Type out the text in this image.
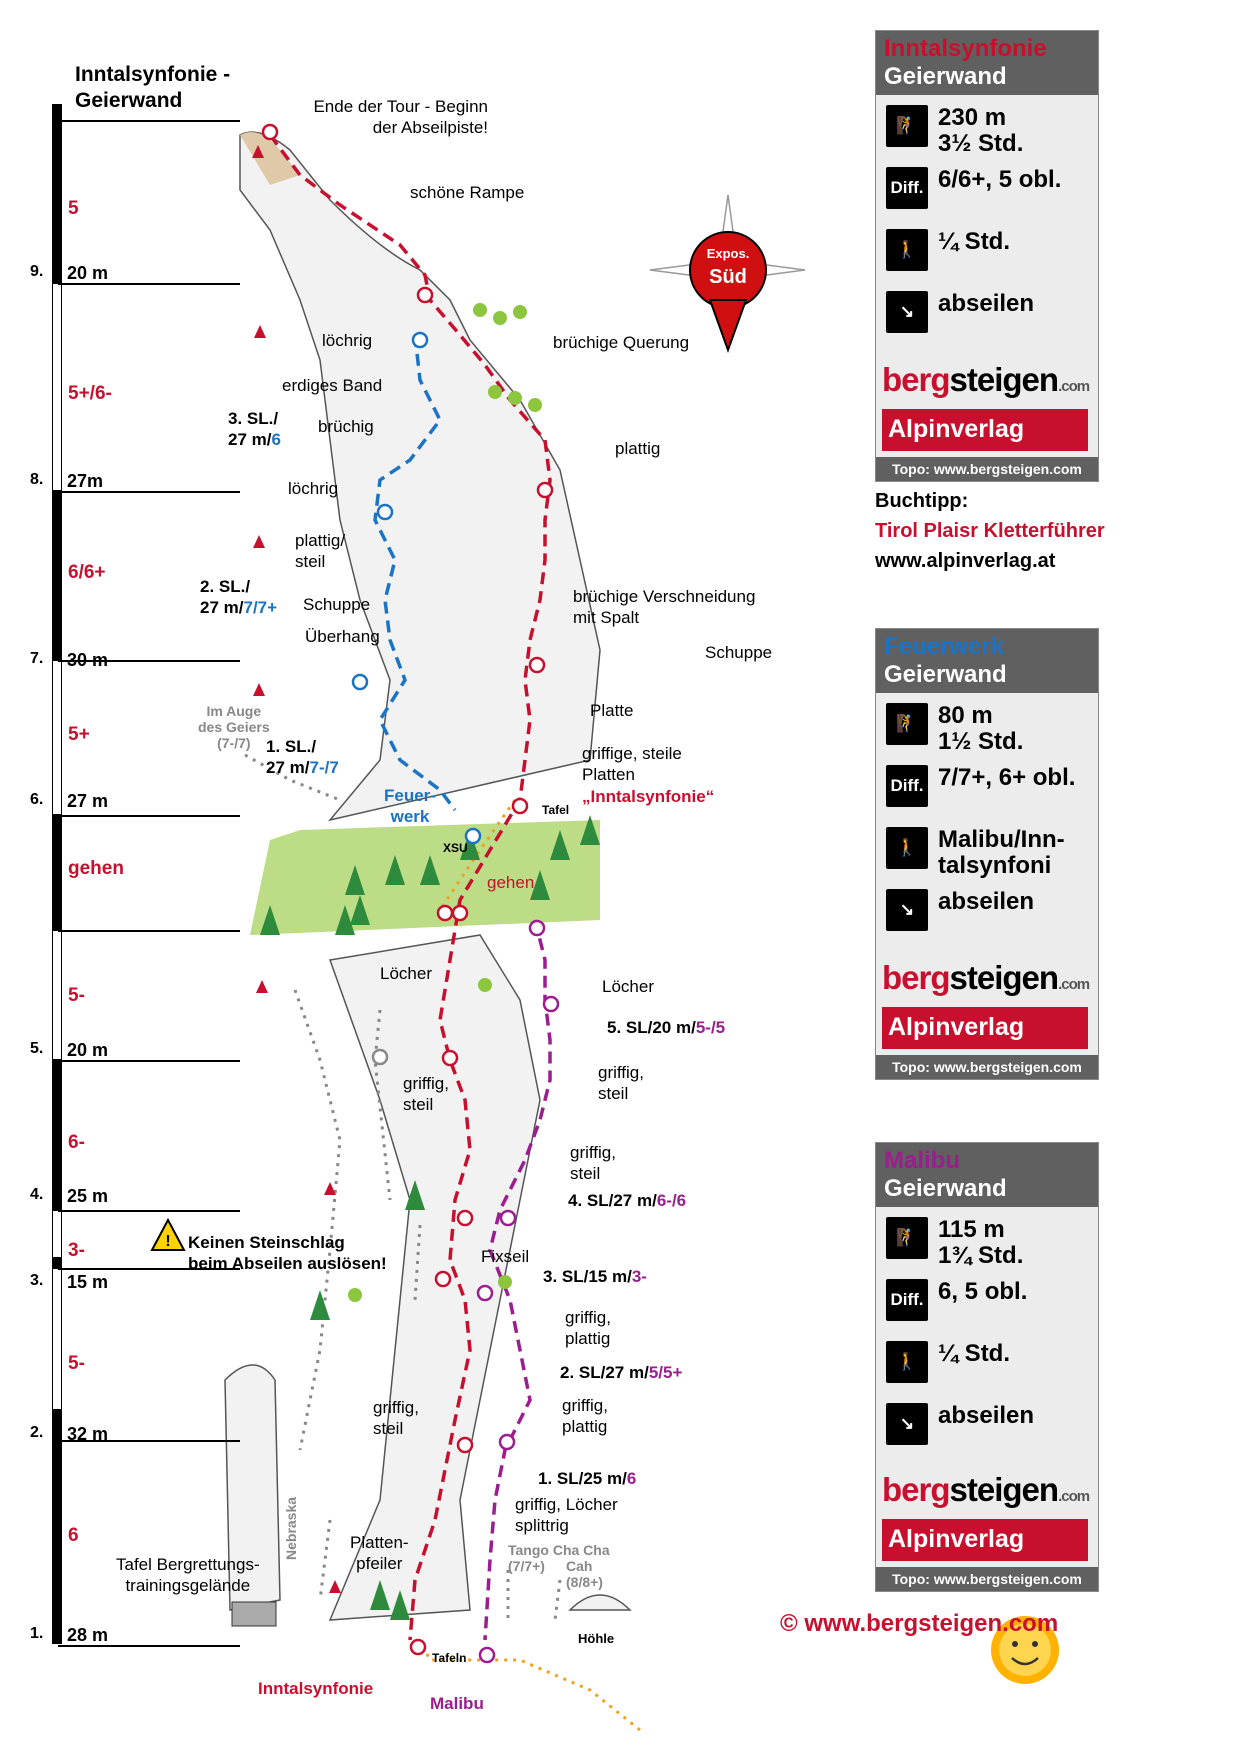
!
Inntalsynfonie -
Geierwand
9. 20 m
5
8. 27m
5+/6-
7. 30 m
6/6+
6. 27 m
5+
gehen
5. 20 m
5-
4. 25 m
6-
3. 15 m
3-
2. 32 m
5-
1. 28 m
6
Ende der Tour - Beginn
der Abseilpiste!
schöne Rampe
löchrig	brüchige Querung
erdiges Band
3. SL./
27 m/6
brüchig
plattig
löchrig
plattig/
steil
2. SL./
27 m/7/7+ Schuppe
Überhang
brüchige Verschneidung
mit Spalt
Schuppe
Platte
Im Auge
des Geiers
(7-/7) 1. SL./
27 m/7-/7
griffige, steile
Platten
Feuer-
werk	Tafel
„Inntalsynfonie“
XSU
gehen
Löcher
Löcher
5. SL/20 m/5-/5
griffig,
steil
griffig,
steil
griffig,
steil
4. SL/27 m/6-/6
Keinen Steinschlag
beim Abseilen auslösen!	Fixseil
3. SL/15 m/3-
griffig,
plattig
2. SL/27 m/5/5+
griffig,
plattig
griffig,
steil
1. SL/25 m/6
griffig, Löcher
splittrig
Nebraska	Platten-
pfeiler
Tafel Bergrettungs-
trainingsgelände
Tango Cha Cha
(7/7+)	Cah
(8/8+)
Höhle
Tafeln
Inntalsynfonie
Malibu
Expos.
Süd
Inntalsynfonie
Geierwand
🧗 230 m
3½ Std.
Diff. 6/6+, 5 obl.
🚶 ¼ Std.
↘ abseilen
bergsteigen.com
Alpinverlag
Topo: www.bergsteigen.com
Buchtipp:
Tirol Plaisr Kletterführer
www.alpinverlag.at
Feuerwerk
Geierwand
🧗 80 m
1½ Std.
Diff. 7/7+, 6+ obl.
🚶 Malibu/Inn-
talsynfoni
↘ abseilen
bergsteigen.com
Alpinverlag
Topo: www.bergsteigen.com
Malibu
Geierwand
🧗 115 m
1¾ Std.
Diff. 6, 5 obl.
🚶 ¼ Std.
↘ abseilen
bergsteigen.com
Alpinverlag
Topo: www.bergsteigen.com
© www.bergsteigen.com
